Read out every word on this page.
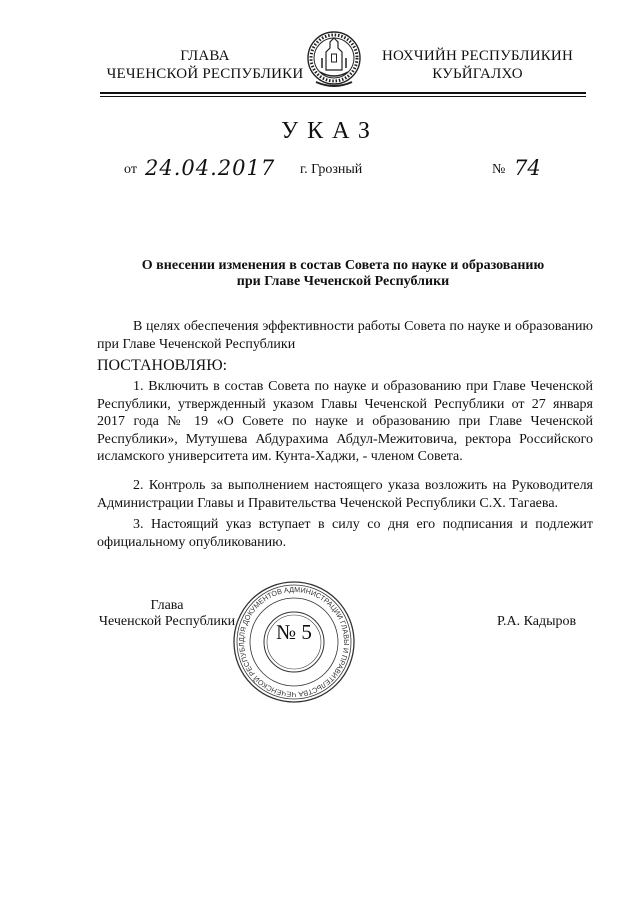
ГЛАВА
ЧЕЧЕНСКОЙ РЕСПУБЛИКИ
НОХЧИЙН РЕСПУБЛИКИН
КУЬЙГАЛХО
УКАЗ
от 24.04.2017 г. Грозный	№ 74
О внесении изменения в состав Совета по науке и образованию
при Главе Чеченской Республики
В целях обеспечения эффективности работы Совета по науке и образованию при Главе Чеченской Республики
ПОСТАНОВЛЯЮ:
1. Включить в состав Совета по науке и образованию при Главе Чеченской Республики, утвержденный указом Главы Чеченской Республики от 27 января 2017 года № 19 «О Совете по науке и образованию при Главе Чеченской Республики», Мутушева Абдурахима Абдул-Межитовича, ректора Российского исламского университета им. Кунта-Хаджи, - членом Совета.
2. Контроль за выполнением настоящего указа возложить на Руководителя Администрации Главы и Правительства Чеченской Республики С.Х. Тагаева.
3. Настоящий указ вступает в силу со дня его подписания и подлежит официальному опубликованию.
ДЛЯ ДОКУМЕНТОВ АДМИНИСТРАЦИИ ГЛАВЫ И ПРАВИТЕЛЬСТВА ЧЕЧЕНСКОЙ РЕСПУБЛ
№ 5
Глава
Чеченской Республики	Р.А. Кадыров
